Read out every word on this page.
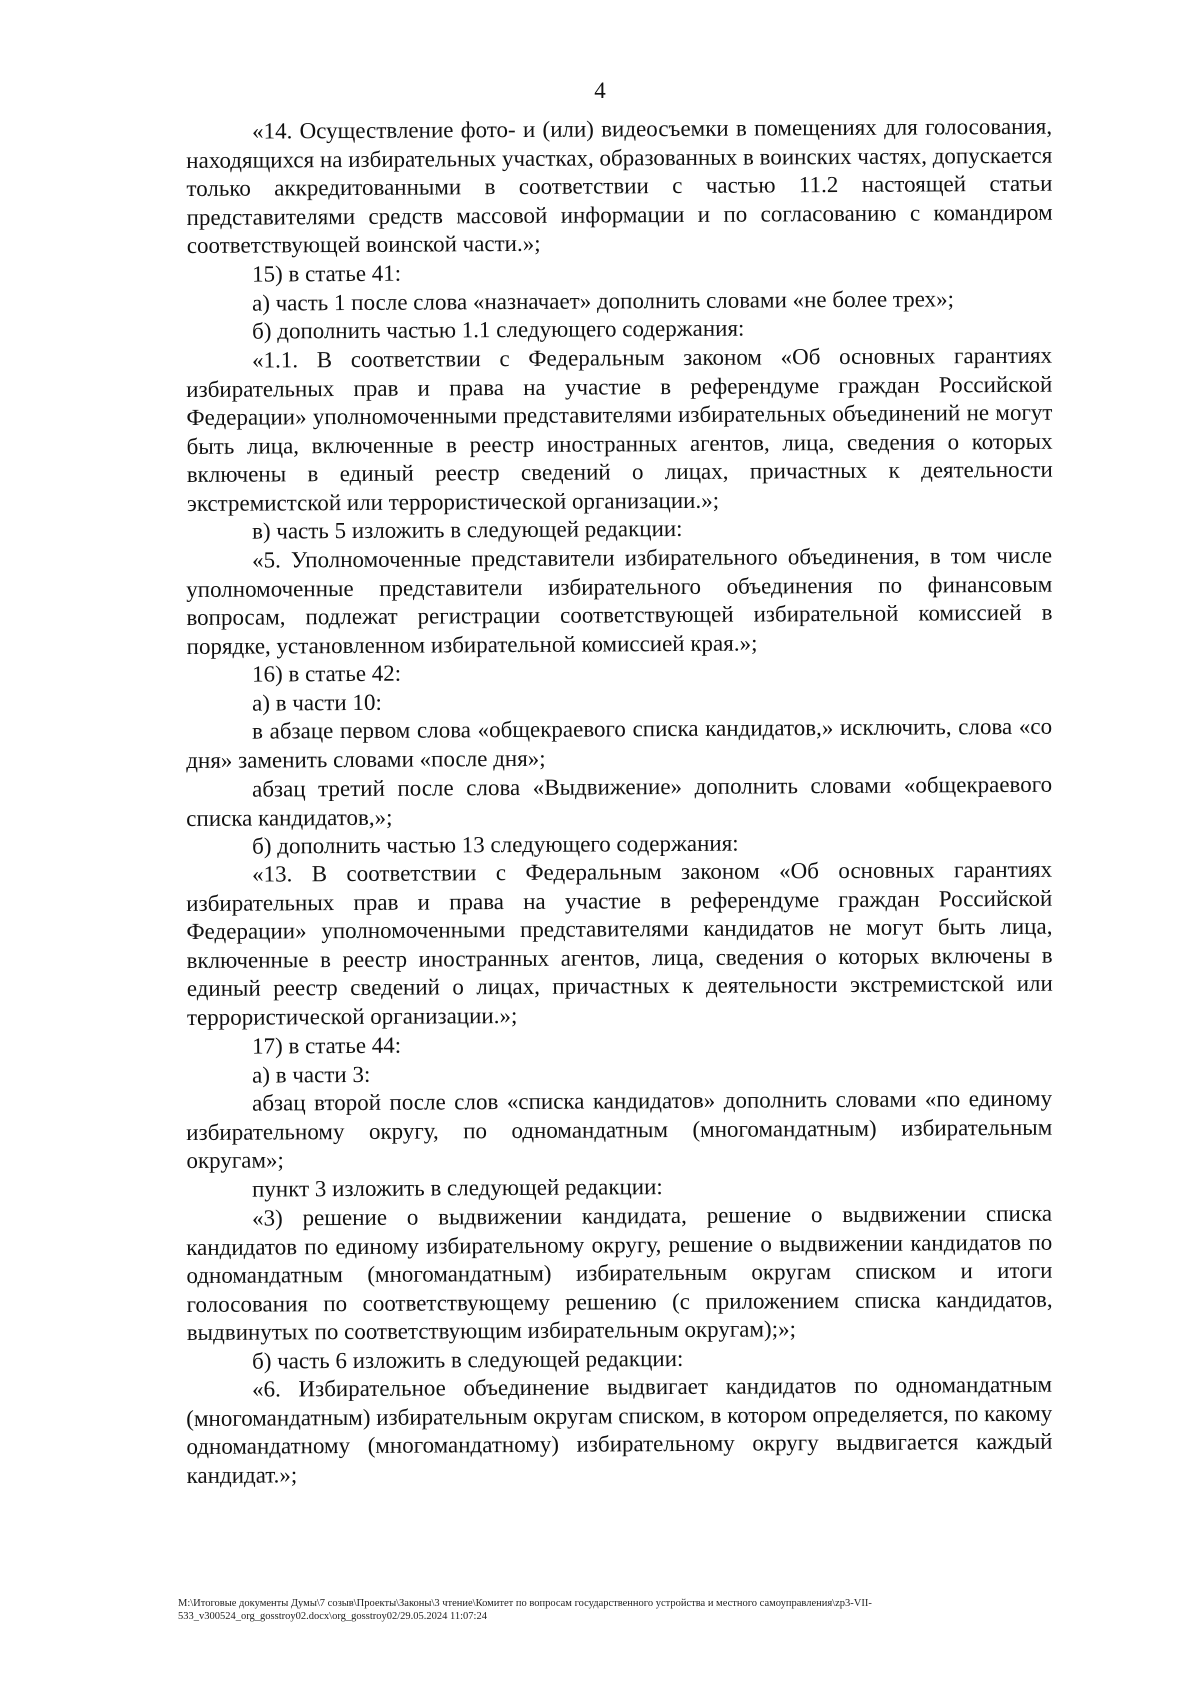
4

«14. Осуществление фото- и (или) видеосъемки в помещениях для голосования, находящихся на избирательных участках, образованных в воинских частях, допускается только аккредитованными в соответствии с частью 11.2 настоящей статьи представителями средств массовой информации и по согласованию с командиром соответствующей воинской части.»;

15) в статье 41:

а) часть 1 после слова «назначает» дополнить словами «не более трех»;

б) дополнить частью 1.1 следующего содержания:

«1.1. В соответствии с Федеральным законом «Об основных гарантиях избирательных прав и права на участие в референдуме граждан Российской Федерации» уполномоченными представителями избирательных объединений не могут быть лица, включенные в реестр иностранных агентов, лица, сведения о которых включены в единый реестр сведений о лицах, причастных к деятельности экстремистской или террористической организации.»;

в) часть 5 изложить в следующей редакции:

«5. Уполномоченные представители избирательного объединения, в том числе уполномоченные представители избирательного объединения по финансовым вопросам, подлежат регистрации соответствующей избирательной комиссией в порядке, установленном избирательной комиссией края.»;

16) в статье 42:

а) в части 10:

в абзаце первом слова «общекраевого списка кандидатов,» исключить, слова «со дня» заменить словами «после дня»;

абзац третий после слова «Выдвижение» дополнить словами «общекраевого списка кандидатов,»;

б) дополнить частью 13 следующего содержания:

«13. В соответствии с Федеральным законом «Об основных гарантиях избирательных прав и права на участие в референдуме граждан Российской Федерации» уполномоченными представителями кандидатов не могут быть лица, включенные в реестр иностранных агентов, лица, сведения о которых включены в единый реестр сведений о лицах, причастных к деятельности экстремистской или террористической организации.»;

17) в статье 44:

а) в части 3:

абзац второй после слов «списка кандидатов» дополнить словами «по единому избирательному округу, по одномандатным (многомандатным) избирательным округам»;

пункт 3 изложить в следующей редакции:

«3) решение о выдвижении кандидата, решение о выдвижении списка кандидатов по единому избирательному округу, решение о выдвижении кандидатов по одномандатным (многомандатным) избирательным округам списком и итоги голосования по соответствующему решению (с приложением списка кандидатов, выдвинутых по соответствующим избирательным округам);»;

б) часть 6 изложить в следующей редакции:

«6. Избирательное объединение выдвигает кандидатов по одномандатным (многомандатным) избирательным округам списком, в котором определяется, по какому одномандатному (многомандатному) избирательному округу выдвигается каждый кандидат.»;

M:\Итоговые документы Думы\7 созыв\Проекты\Законы\3 чтение\Комитет по вопросам государственного устройства и местного самоуправления\zp3-VII-533_v300524_org_gosstroy02.docx\org_gosstroy02/29.05.2024 11:07:24
